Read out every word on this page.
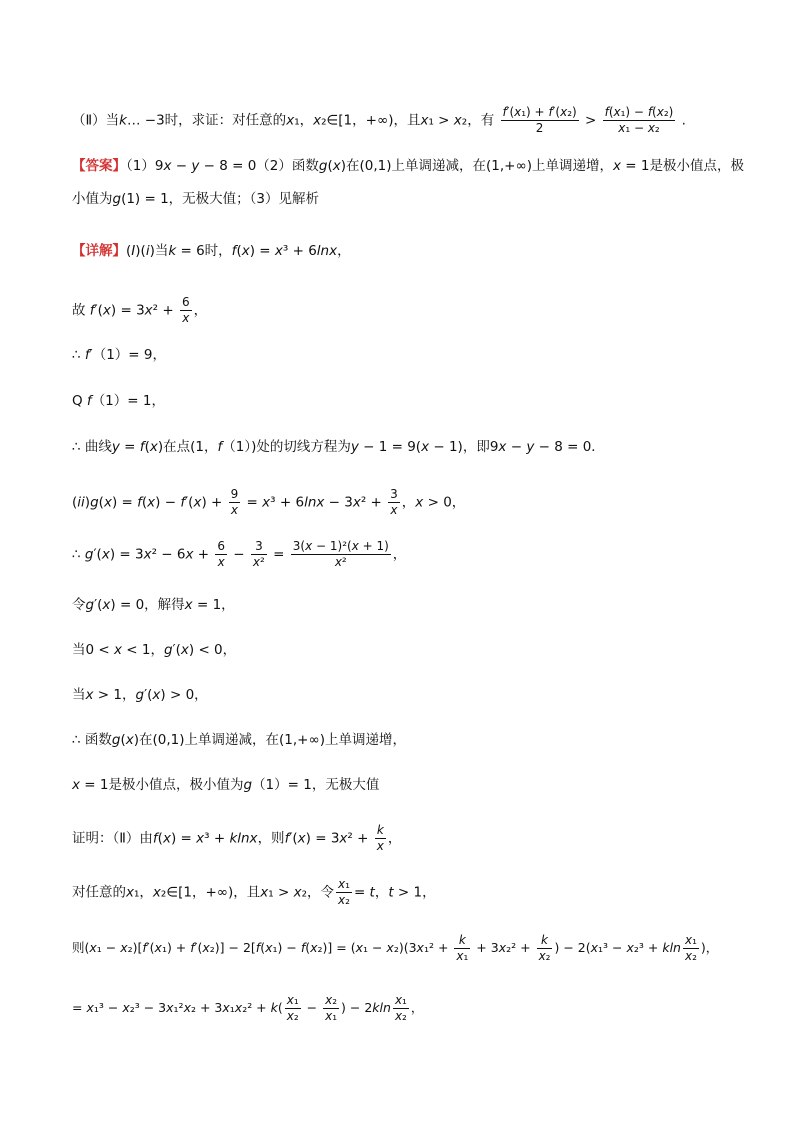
（Ⅱ）当k… −3时，求证：对任意的x₁，x₂∈[1，+∞)，且x₁ > x₂，有 $\frac{\text{f′(x₁) + f′(x₂)}}{2} > \frac{\text{f(x₁) − f(x₂)}}{\text{x₁ − x₂}}$ .
【答案】（1）9x − y − 8 = 0（2）函数g(x)在(0,1)上单调递减，在(1,+∞)上单调递增，x = 1是极小值点，极
小值为g(1) = 1，无极大值；（3）见解析
【详解】(I)(i)当k = 6时，f(x) = x³ + 6lnx，
故 $f'(x) = 3x^2 + \frac{6}{x}$ ，
∴ f′（1）= 9，
Q f（1）= 1，
∴ 曲线y = f(x)在点(1，f（1）)处的切线方程为y − 1 = 9(x − 1)，即9x − y − 8 = 0．
$(ii)g(x) = f(x) - f'(x) + \frac{9}{x} = x^3 + 6\ln x - 3x^2 + \frac{3}{x}$ ，x > 0，
∴ $g'(x) = 3x^2 - 6x + \frac{6}{x} - \frac{3}{\text{x²}} = \frac{\text{3(x − 1)²(x + 1)}}{\text{x²}}$ ，
令g′(x) = 0，解得x = 1，
当0 < x < 1，g′(x) < 0，
当x > 1，g′(x) > 0，
∴ 函数g(x)在(0,1)上单调递减，在(1,+∞)上单调递增，
x = 1是极小值点，极小值为g（1）= 1，无极大值
证明：（Ⅱ）由f(x) = x³ + klnx，则$f'(x) = 3x^2 + \frac{k}{x}$ ，
对任意的x₁，x₂∈[1，+∞)，且x₁ > x₂，令 $\frac{\text{x₁}}{\text{x₂}} = t$，t > 1，
则$(x_1 - x_2)[f'(x_1) + f'(x_2)] - 2[f(x_1) - f(x_2)] = (x_1 - x_2)(3x_1^2 + \frac{k}{\text{x₁}} + 3x_2^2 + \frac{k}{\text{x₂}}$ ) − 2(x₁³ − x₂³ + kln $\frac{\text{x₁}}{\text{x₂}}$ )，
= $x_1^3 - x_2^3 - 3x_1^2x_2 + 3x_1x_2^2 + k( \frac{\text{x₁}}{\text{x₂}} - \frac{\text{x₂}}{\text{x₁}}$ ) − $2kln \frac{\text{x₁}}{\text{x₂}}$ ，
